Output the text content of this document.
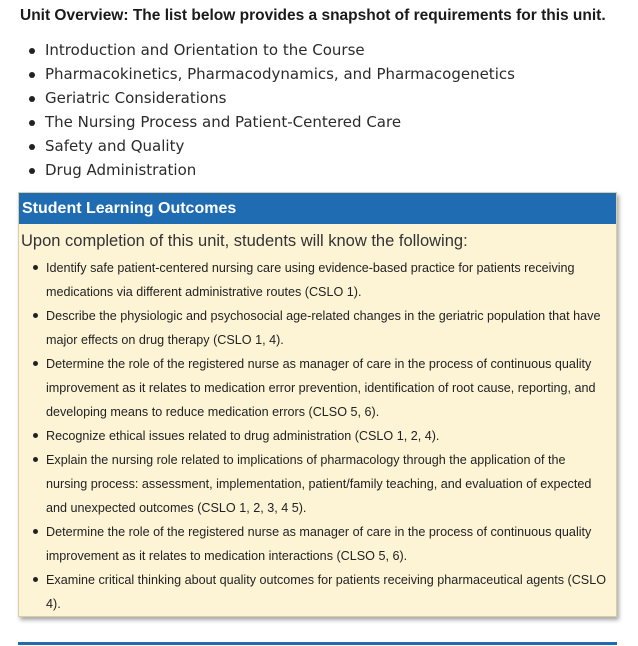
Unit Overview: The list below provides a snapshot of requirements for this unit.
Introduction and Orientation to the Course
Pharmacokinetics, Pharmacodynamics, and Pharmacogenetics
Geriatric Considerations
The Nursing Process and Patient-Centered Care
Safety and Quality
Drug Administration
Student Learning Outcomes
Upon completion of this unit, students will know the following:
Identify safe patient-centered nursing care using evidence-based practice for patients receiving medications via different administrative routes (CSLO 1).
Describe the physiologic and psychosocial age-related changes in the geriatric population that have major effects on drug therapy (CSLO 1, 4).
Determine the role of the registered nurse as manager of care in the process of continuous quality improvement as it relates to medication error prevention, identification of root cause, reporting, and developing means to reduce medication errors (CLSO 5, 6).
Recognize ethical issues related to drug administration (CSLO 1, 2, 4).
Explain the nursing role related to implications of pharmacology through the application of the nursing process: assessment, implementation, patient/family teaching, and evaluation of expected and unexpected outcomes (CSLO 1, 2, 3, 4 5).
Determine the role of the registered nurse as manager of care in the process of continuous quality improvement as it relates to medication interactions (CLSO 5, 6).
Examine critical thinking about quality outcomes for patients receiving pharmaceutical agents (CSLO 4).
